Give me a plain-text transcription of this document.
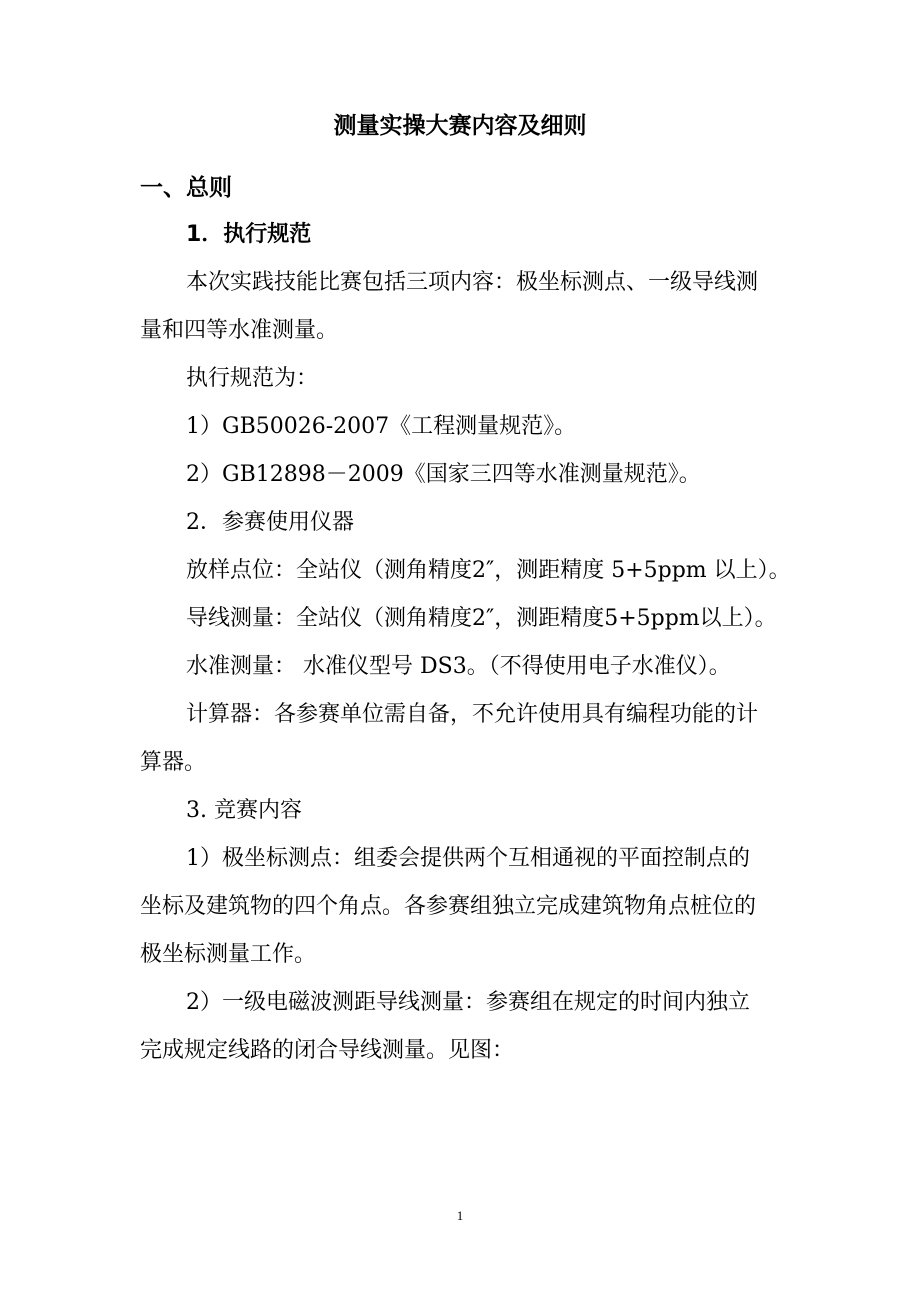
测量实操大赛内容及细则
一、总则
1．执行规范
本次实践技能比赛包括三项内容：极坐标测点、一级导线测
量和四等水准测量。
执行规范为：
1）GB50026-2007《工程测量规范》。
2）GB12898－2009《国家三四等水准测量规范》。
2．参赛使用仪器
放样点位：全站仪（测角精度2″，测距精度 5+5ppm 以上）。
导线测量：全站仪（测角精度2″，测距精度5+5ppm以上）。
水准测量： 水准仪型号 DS3。（不得使用电子水准仪）。
计算器：各参赛单位需自备，不允许使用具有编程功能的计
算器。
3. 竞赛内容
1）极坐标测点：组委会提供两个互相通视的平面控制点的
坐标及建筑物的四个角点。各参赛组独立完成建筑物角点桩位的
极坐标测量工作。
2）一级电磁波测距导线测量：参赛组在规定的时间内独立
完成规定线路的闭合导线测量。见图：
1
